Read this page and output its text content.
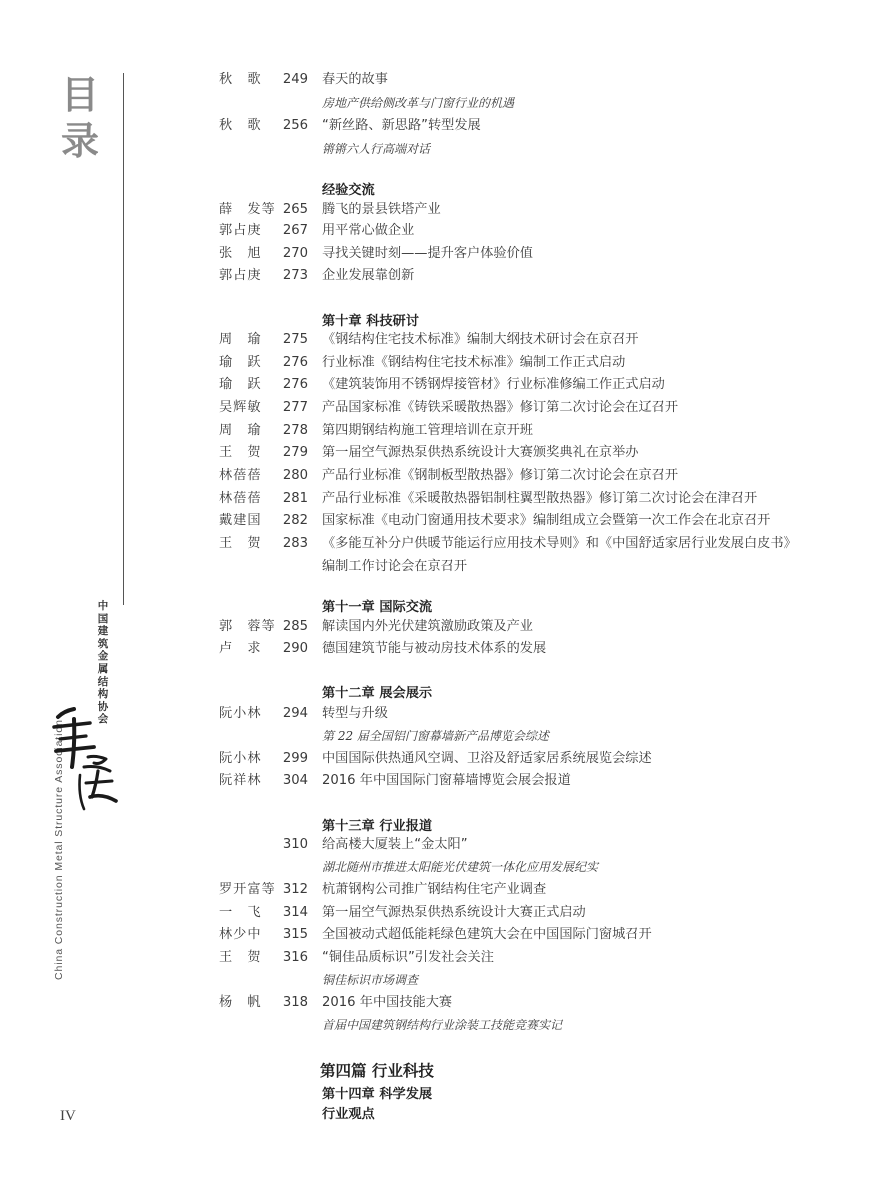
目
录
中
国
建
筑
金
属
结
构
协
会
China Construction Metal Structure Association
IV
秋　歌	249 春天的故事
房地产供给侧改革与门窗行业的机遇
秋　歌	256 “新丝路、新思路”转型发展
锵锵六人行高端对话
经验交流
薛　发等 265 腾飞的景县铁塔产业
郭占庚	267 用平常心做企业
张　旭	270 寻找关键时刻——提升客户体验价值
郭占庚	273 企业发展靠创新
第十章 科技研讨
周　瑜	275 《钢结构住宅技术标准》编制大纲技术研讨会在京召开
瑜　跃	276 行业标准《钢结构住宅技术标准》编制工作正式启动
瑜　跃	276 《建筑装饰用不锈钢焊接管材》行业标准修编工作正式启动
吴辉敏	277 产品国家标准《铸铁采暖散热器》修订第二次讨论会在辽召开
周　瑜	278 第四期钢结构施工管理培训在京开班
王　贺	279 第一届空气源热泵供热系统设计大赛颁奖典礼在京举办
林蓓蓓	280 产品行业标准《钢制板型散热器》修订第二次讨论会在京召开
林蓓蓓	281 产品行业标准《采暖散热器铝制柱翼型散热器》修订第二次讨论会在津召开
戴建国	282 国家标准《电动门窗通用技术要求》编制组成立会暨第一次工作会在北京召开
王　贺	283 《多能互补分户供暖节能运行应用技术导则》和《中国舒适家居行业发展白皮书》
编制工作讨论会在京召开
第十一章 国际交流
郭　蓉等 285 解读国内外光伏建筑激励政策及产业
卢　求	290 德国建筑节能与被动房技术体系的发展
第十二章 展会展示
阮小林	294 转型与升级
第 22 届全国铝门窗幕墙新产品博览会综述
阮小林	299 中国国际供热通风空调、卫浴及舒适家居系统展览会综述
阮祥林	304 2016 年中国国际门窗幕墙博览会展会报道
第十三章 行业报道
310 给高楼大厦装上“金太阳”
湖北随州市推进太阳能光伏建筑一体化应用发展纪实
罗开富等 312 杭萧钢构公司推广钢结构住宅产业调查
一　飞	314 第一届空气源热泵供热系统设计大赛正式启动
林少中	315 全国被动式超低能耗绿色建筑大会在中国国际门窗城召开
王　贺	316 “铜佳品质标识”引发社会关注
铜佳标识市场调查
杨　帆	318 2016 年中国技能大赛
首届中国建筑钢结构行业涂装工技能竞赛实记
第四篇 行业科技
第十四章 科学发展
行业观点
